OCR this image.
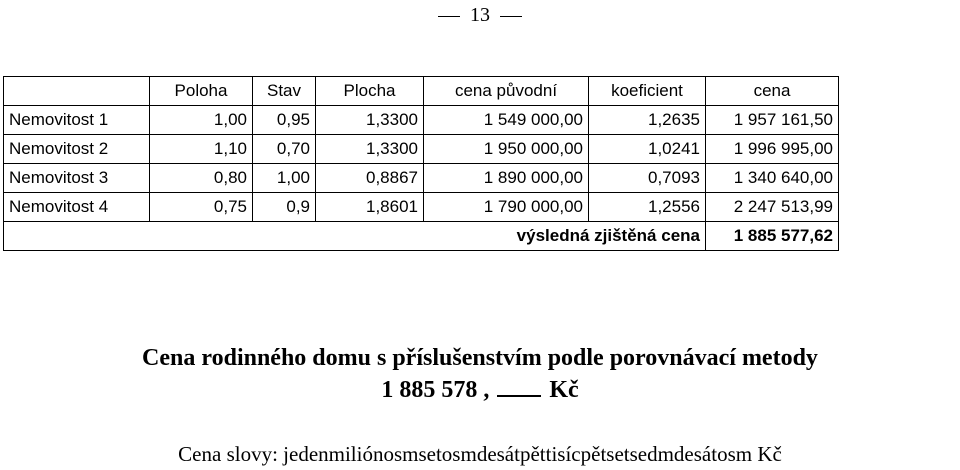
13
	Poloha	Stav	Plocha	cena původní	koeficient	cena
Nemovitost 1	1,00	0,95	1,3300	1 549 000,00	1,2635	1 957 161,50
Nemovitost 2	1,10	0,70	1,3300	1 950 000,00	1,0241	1 996 995,00
Nemovitost 3	0,80	1,00	0,8867	1 890 000,00	0,7093	1 340 640,00
Nemovitost 4	0,75	0,9	1,8601	1 790 000,00	1,2556	2 247 513,99
výsledná zjištěná cena						1 885 577,62
Cena rodinného domu s příslušenstvím podle porovnávací metody
1 885 578 ,	Kč
Cena slovy: jedenmiliónosmsetosmdesátpěttisícpětsetsedmdesátosm Kč
